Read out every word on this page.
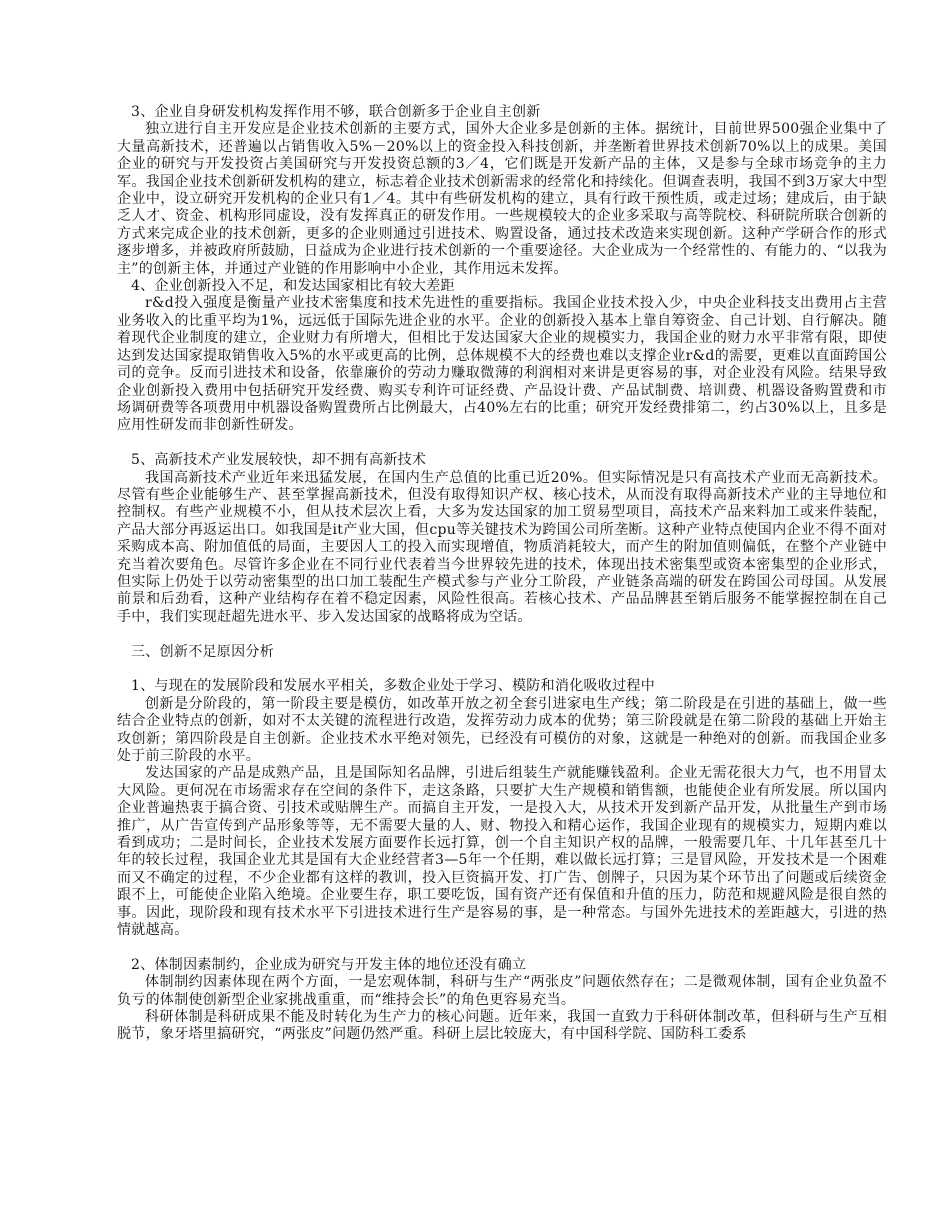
3、企业自身研发机构发挥作用不够，联合创新多于企业自主创新

独立进行自主开发应是企业技术创新的主要方式，国外大企业多是创新的主体。据统计，目前世界500强企业集中了大量高新技术，还普遍以占销售收入5%－20%以上的资金投入科技创新，并垄断着世界技术创新70%以上的成果。美国企业的研究与开发投资占美国研究与开发投资总额的3／4，它们既是开发新产品的主体，又是参与全球市场竞争的主力军。我国企业技术创新研发机构的建立，标志着企业技术创新需求的经常化和持续化。但调查表明，我国不到3万家大中型企业中，设立研究开发机构的企业只有1／4。其中有些研发机构的建立，具有行政干预性质，或走过场；建成后，由于缺乏人才、资金、机构形同虚设，没有发挥真正的研发作用。一些规模较大的企业多采取与高等院校、科研院所联合创新的方式来完成企业的技术创新，更多的企业则通过引进技术、购置设备，通过技术改造来实现创新。这种产学研合作的形式逐步增多，并被政府所鼓励，日益成为企业进行技术创新的一个重要途径。大企业成为一个经常性的、有能力的、“以我为主”的创新主体，并通过产业链的作用影响中小企业，其作用远未发挥。

4、企业创新投入不足，和发达国家相比有较大差距

r&d投入强度是衡量产业技术密集度和技术先进性的重要指标。我国企业技术投入少，中央企业科技支出费用占主营业务收入的比重平均为1%，远远低于国际先进企业的水平。企业的创新投入基本上靠自筹资金、自己计划、自行解决。随着现代企业制度的建立，企业财力有所增大，但相比于发达国家大企业的规模实力，我国企业的财力水平非常有限，即使达到发达国家提取销售收入5%的水平或更高的比例，总体规模不大的经费也难以支撑企业r&d的需要，更难以直面跨国公司的竞争。反而引进技术和设备，依靠廉价的劳动力赚取微薄的利润相对来讲是更容易的事，对企业没有风险。结果导致企业创新投入费用中包括研究开发经费、购买专利许可证经费、产品设计费、产品试制费、培训费、机器设备购置费和市场调研费等各项费用中机器设备购置费所占比例最大，占40%左右的比重；研究开发经费排第二，约占30%以上，且多是应用性研发而非创新性研发。

5、高新技术产业发展较快，却不拥有高新技术

我国高新技术产业近年来迅猛发展，在国内生产总值的比重已近20%。但实际情况是只有高技术产业而无高新技术。尽管有些企业能够生产、甚至掌握高新技术，但没有取得知识产权、核心技术，从而没有取得高新技术产业的主导地位和控制权。有些产业规模不小，但从技术层次上看，大多为发达国家的加工贸易型项目，高技术产品来料加工或来件装配，产品大部分再返运出口。如我国是it产业大国，但cpu等关键技术为跨国公司所垄断。这种产业特点使国内企业不得不面对采购成本高、附加值低的局面，主要因人工的投入而实现增值，物质消耗较大，而产生的附加值则偏低，在整个产业链中充当着次要角色。尽管许多企业在不同行业代表着当今世界较先进的技术，体现出技术密集型或资本密集型的企业形式，但实际上仍处于以劳动密集型的出口加工装配生产模式参与产业分工阶段，产业链条高端的研发在跨国公司母国。从发展前景和后劲看，这种产业结构存在着不稳定因素，风险性很高。若核心技术、产品品牌甚至销后服务不能掌握控制在自己手中，我们实现赶超先进水平、步入发达国家的战略将成为空话。

三、创新不足原因分析

1、与现在的发展阶段和发展水平相关，多数企业处于学习、模防和消化吸收过程中

创新是分阶段的，第一阶段主要是模仿，如改革开放之初全套引进家电生产线；第二阶段是在引进的基础上，做一些结合企业特点的创新，如对不太关键的流程进行改造，发挥劳动力成本的优势；第三阶段就是在第二阶段的基础上开始主攻创新；第四阶段是自主创新。企业技术水平绝对领先，已经没有可模仿的对象，这就是一种绝对的创新。而我国企业多处于前三阶段的水平。

发达国家的产品是成熟产品，且是国际知名品牌，引进后组装生产就能赚钱盈利。企业无需花很大力气，也不用冒太大风险。更何况在市场需求存在空间的条件下，走这条路，只要扩大生产规模和销售额，也能使企业有所发展。所以国内企业普遍热衷于搞合资、引技术或贴牌生产。而搞自主开发，一是投入大，从技术开发到新产品开发，从批量生产到市场推广，从广告宣传到产品形象等等，无不需要大量的人、财、物投入和精心运作，我国企业现有的规模实力，短期内难以看到成功；二是时间长，企业技术发展方面要作长远打算，创一个自主知识产权的品牌，一般需要几年、十几年甚至几十年的较长过程，我国企业尤其是国有大企业经营者3—5年一个任期，难以做长远打算；三是冒风险，开发技术是一个困难而又不确定的过程，不少企业都有这样的教训，投入巨资搞开发、打广告、创牌子，只因为某个环节出了问题或后续资金跟不上，可能使企业陷入绝境。企业要生存，职工要吃饭，国有资产还有保值和升值的压力，防范和规避风险是很自然的事。因此，现阶段和现有技术水平下引进技术进行生产是容易的事，是一种常态。与国外先进技术的差距越大，引进的热情就越高。

2、体制因素制约，企业成为研究与开发主体的地位还没有确立

体制制约因素体现在两个方面，一是宏观体制，科研与生产“两张皮”问题依然存在；二是微观体制，国有企业负盈不负亏的体制使创新型企业家挑战重重，而“维持会长”的角色更容易充当。

科研体制是科研成果不能及时转化为生产力的核心问题。近年来，我国一直致力于科研体制改革，但科研与生产互相脱节，象牙塔里搞研究，“两张皮”问题仍然严重。科研上层比较庞大，有中国科学院、国防科工委系
